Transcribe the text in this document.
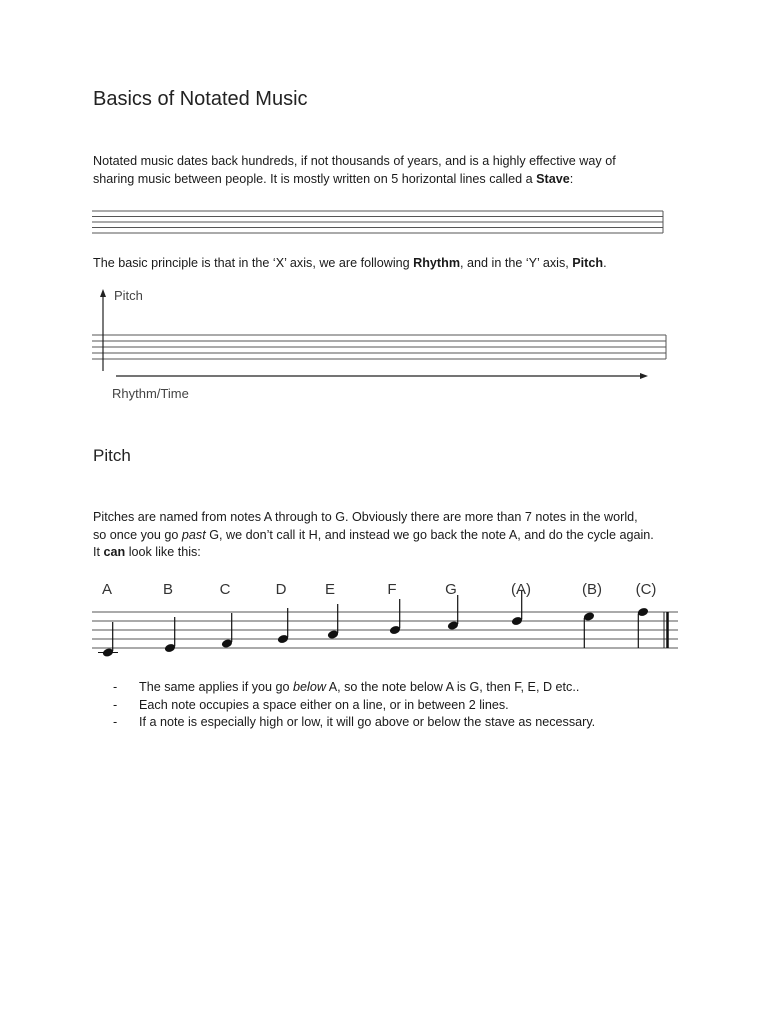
Basics of Notated Music
Notated music dates back hundreds, if not thousands of years, and is a highly effective way of
sharing music between people. It is mostly written on 5 horizontal lines called a Stave:
The basic principle is that in the ‘X’ axis, we are following Rhythm, and in the ‘Y’ axis, Pitch.
Pitch
Rhythm/Time
Pitch
Pitches are named from notes A through to G. Obviously there are more than 7 notes in the world,
so once you go past G, we don’t call it H, and instead we go back the note A, and do the cycle again.
It can look like this:
A	B	C	D	E	F	G	(A)	(B) (C)
-	The same applies if you go below A, so the note below A is G, then F, E, D etc..
-	Each note occupies a space either on a line, or in between 2 lines.
-	If a note is especially high or low, it will go above or below the stave as necessary.
